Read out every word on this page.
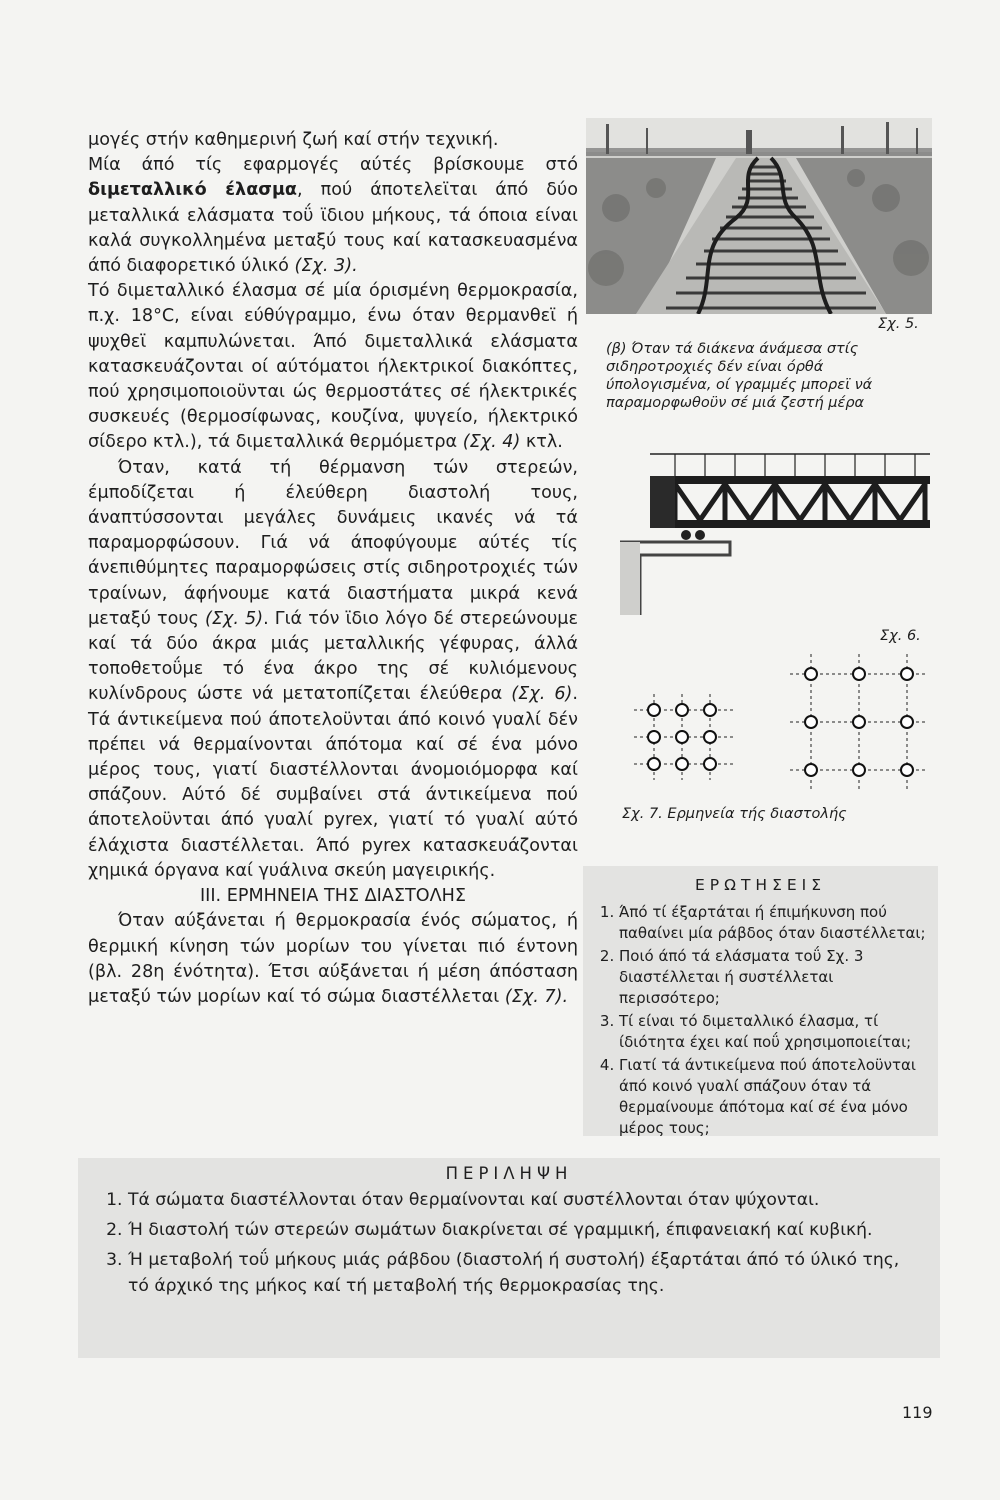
μογές στήν καθημερινή ζωή καί στήν τεχνική.

Μία άπό τίς εφαρμογές αύτές βρίσκουμε στό διμεταλλικό έλασμα, πού άποτελεϊται άπό δύο μεταλλικά ελάσματα τοΰ ϊδιου μήκους, τά όποια είναι καλά συγκολλημένα μεταξύ τους καί κατασκευασμένα άπό διαφορετικό ύλικό (Σχ. 3).

Τό διμεταλλικό έλασμα σέ μία όρισμένη θερμοκρασία, π.χ. 18°C, είναι εύθύγραμμο, ένω όταν θερμανθεϊ ή ψυχθεϊ καμπυλώνεται. Άπό διμεταλλικά ελάσματα κατασκευάζονται οί αύτόματοι ήλεκτρικοί διακόπτες, πού χρησιμοποιοϋνται ώς θερμοστάτες σέ ήλεκτρικές συσκευές (θερμοσίφωνας, κουζίνα, ψυγείο, ήλεκτρικό σίδερο κτλ.), τά διμεταλλικά θερμόμετρα (Σχ. 4) κτλ.

Όταν, κατά τή θέρμανση τών στερεών, έμποδίζεται ή έλεύθερη διαστολή τους, άναπτύσσονται μεγάλες δυνάμεις ικανές νά τά παραμορφώσουν. Γιά νά άποφύγουμε αύτές τίς άνεπιθύμητες παραμορφώσεις στίς σιδηροτροχιές τών τραίνων, άφήνουμε κατά διαστήματα μικρά κενά μεταξύ τους (Σχ. 5). Γιά τόν ϊδιο λόγο δέ στερεώνουμε καί τά δύο άκρα μιάς μεταλλικής γέφυρας, άλλά τοποθετοΰμε τό ένα άκρο της σέ κυλιόμενους κυλίνδρους ώστε νά μετατοπίζεται έλεύθερα (Σχ. 6). Τά άντικείμενα πού άποτελοϋνται άπό κοινό γυαλί δέν πρέπει νά θερμαίνονται άπότομα καί σέ ένα μόνο μέρος τους, γιατί διαστέλλονται άνομοιόμορφα καί σπάζουν. Αύτό δέ συμβαίνει στά άντικείμενα πού άποτελοϋνται άπό γυαλί pyrex, γιατί τό γυαλί αύτό έλάχιστα διαστέλλεται. Άπό pyrex κατασκευάζονται χημικά όργανα καί γυάλινα σκεύη μαγειρικής.

III. ΕΡΜΗΝΕΙΑ ΤΗΣ ΔΙΑΣΤΟΛΗΣ

Όταν αύξάνεται ή θερμοκρασία ένός σώματος, ή θερμική κίνηση τών μορίων του γίνεται πιό έντονη (βλ. 28η ένότητα). Έτσι αύξάνεται ή μέση άπόσταση μεταξύ τών μορίων καί τό σώμα διαστέλλεται (Σχ. 7).

Σχ. 5.
(β) Όταν τά διάκενα άνάμεσα στίς σιδηροτροχιές δέν είναι όρθά ύπολογισμένα, οί γραμμές μπορεϊ νά παραμορφωθοϋν σέ μιά ζεστή μέρα
Σχ. 6.
Σχ. 7. Ερμηνεία τής διαστολής
ΕΡΩΤΗΣΕΙΣ
1. Άπό τί έξαρτάται ή έπιμήκυνση πού παθαίνει μία ράβδος όταν διαστέλλεται;
2. Ποιό άπό τά ελάσματα τοΰ Σχ. 3 διαστέλλεται ή συστέλλεται περισσότερο;
3. Τί είναι τό διμεταλλικό έλασμα, τί ίδιότητα έχει καί ποΰ χρησιμοποιείται;
4. Γιατί τά άντικείμενα πού άποτελοϋνται άπό κοινό γυαλί σπάζουν όταν τά θερμαίνουμε άπότομα καί σέ ένα μόνο μέρος τους;
ΠΕΡΙΛΗΨΗ
1. Τά σώματα διαστέλλονται όταν θερμαίνονται καί συστέλλονται όταν ψύχονται.
2. Ή διαστολή τών στερεών σωμάτων διακρίνεται σέ γραμμική, έπιφανειακή καί κυβική.
3. Ή μεταβολή τοΰ μήκους μιάς ράβδου (διαστολή ή συστολή) έξαρτάται άπό τό ύλικό της, τό άρχικό της μήκος καί τή μεταβολή τής θερμοκρασίας της.
119
